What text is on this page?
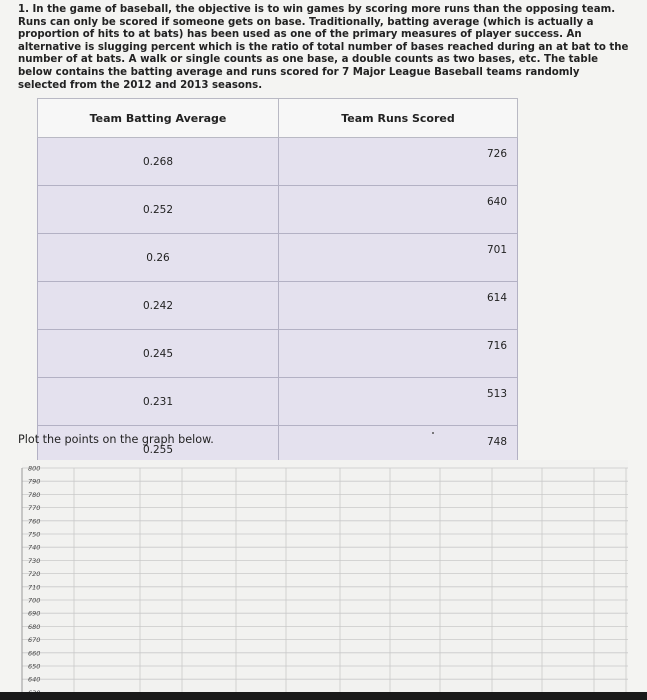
1. In the game of baseball, the objective is to win games by scoring more runs than the opposing team. Runs can only be scored if someone gets on base. Traditionally, batting average (which is actually a proportion of hits to at bats) has been used as one of the primary measures of player success. An alternative is slugging percent which is the ratio of total number of bases reached during an at bat to the number of at bats. A walk or single counts as one base, a double counts as two bases, etc. The table below contains the batting average and runs scored for 7 Major League Baseball teams randomly selected from the 2012 and 2013 seasons.
Team Batting Average	Team Runs Scored
0.268	726
0.252	640
0.26	701
0.242	614
0.245	716
0.231	513
0.255	748
Plot the points on the graph below.
800
790
780
770
760
750
740
730
720
710
700
690
680
670
660
650
640
